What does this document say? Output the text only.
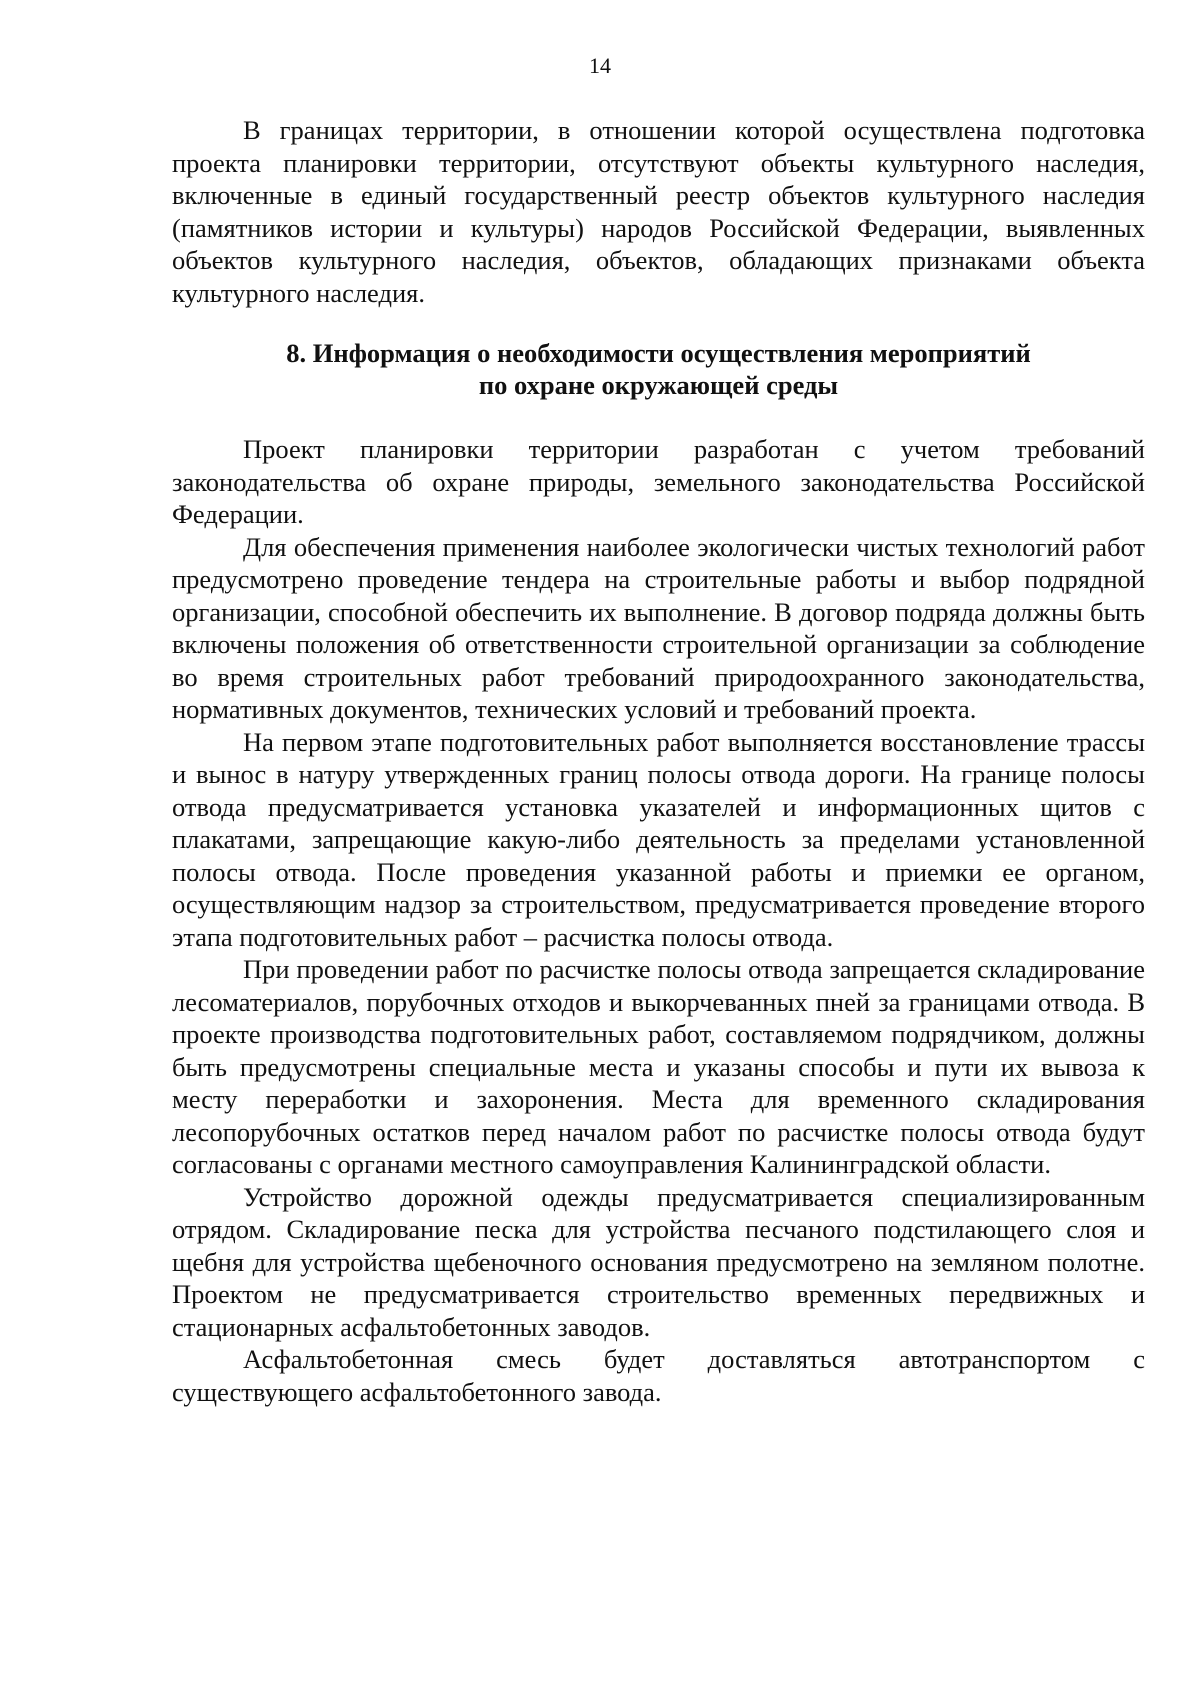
14

В границах территории, в отношении которой осуществлена подготовка проекта планировки территории, отсутствуют объекты культурного наследия, включенные в единый государственный реестр объектов культурного наследия (памятников истории и культуры) народов Российской Федерации, выявленных объектов культурного наследия, объектов, обладающих признаками объекта культурного наследия.

8. Информация о необходимости осуществления мероприятий
по охране окружающей среды

Проект планировки территории разработан с учетом требований законодательства об охране природы, земельного законодательства Российской Федерации.

Для обеспечения применения наиболее экологически чистых технологий работ предусмотрено проведение тендера на строительные работы и выбор подрядной организации, способной обеспечить их выполнение. В договор подряда должны быть включены положения об ответственности строительной организации за соблюдение во время строительных работ требований природоохранного законодательства, нормативных документов, технических условий и требований проекта.

На первом этапе подготовительных работ выполняется восстановление трассы и вынос в натуру утвержденных границ полосы отвода дороги. На границе полосы отвода предусматривается установка указателей и информационных щитов с плакатами, запрещающие какую-либо деятельность за пределами установленной полосы отвода. После проведения указанной работы и приемки ее органом, осуществляющим надзор за строительством, предусматривается проведение второго этапа подготовительных работ – расчистка полосы отвода.

При проведении работ по расчистке полосы отвода запрещается складирование лесоматериалов, порубочных отходов и выкорчеванных пней за границами отвода. В проекте производства подготовительных работ, составляемом подрядчиком, должны быть предусмотрены специальные места и указаны способы и пути их вывоза к месту переработки и захоронения. Места для временного складирования лесопорубочных остатков перед началом работ по расчистке полосы отвода будут согласованы с органами местного самоуправления Калининградской области.

Устройство дорожной одежды предусматривается специализированным отрядом. Складирование песка для устройства песчаного подстилающего слоя и щебня для устройства щебеночного основания предусмотрено на земляном полотне. Проектом не предусматривается строительство временных передвижных и стационарных асфальтобетонных заводов.

Асфальтобетонная смесь будет доставляться автотранспортом с существующего асфальтобетонного завода.
